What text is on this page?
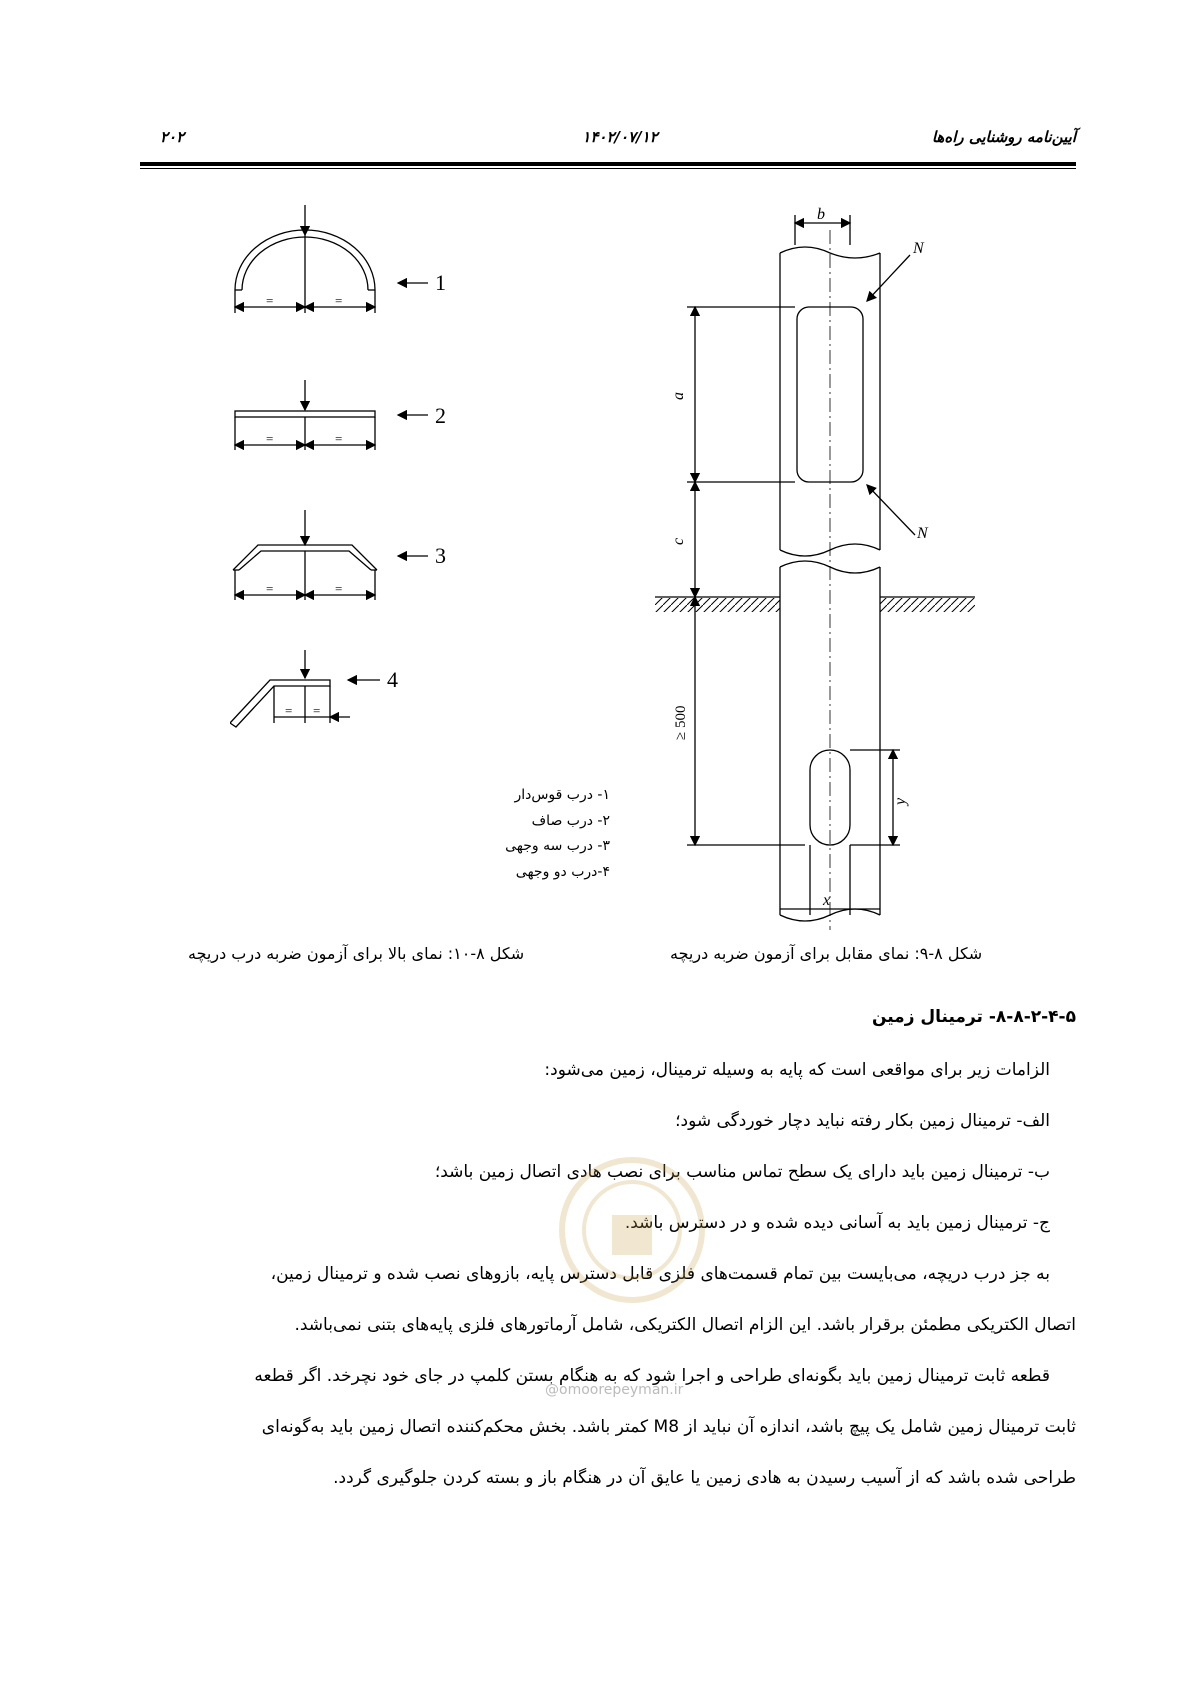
۲۰۲	۱۴۰۲/۰۷/۱۲	آیین‌نامه روشنایی راه‌ها
1
2
3
4
=	=
=	=
=	=
= =
۱- درب قوس‌دار
۲- درب صاف
۳- درب سه وجهی
۴-درب دو وجهی
b
N
N
a
c
y
x
≥ 500
شکل ۸-۱۰: نمای بالا برای آزمون ضربه درب دریچه	شکل ۸-۹: نمای مقابل برای آزمون ضربه دریچه
۸-۸-۲-۴-۵- ترمینال زمین
الزامات زیر برای مواقعی است که پایه به وسیله ترمینال، زمین می‌شود:
الف- ترمینال زمین بکار رفته نباید دچار خوردگی شود؛
ب- ترمینال زمین باید دارای یک سطح تماس مناسب برای نصب هادی اتصال زمین باشد؛
ج- ترمینال زمین باید به آسانی دیده شده و در دسترس باشد.
به جز درب دریچه، می‌بایست بین تمام قسمت‌های فلزی قابل دسترس پایه، بازوهای نصب شده و ترمینال زمین،
اتصال الکتریکی مطمئن برقرار باشد. این الزام اتصال الکتریکی، شامل آرماتورهای فلزی پایه‌های بتنی نمی‌باشد.
قطعه ثابت ترمینال زمین باید بگونه‌ای طراحی و اجرا شود که به هنگام بستن کلمپ در جای خود نچرخد. اگر قطعه
ثابت ترمینال زمین شامل یک پیچ باشد، اندازه آن نباید از M8 کمتر باشد. بخش محکم‌کننده اتصال زمین باید به‌گونه‌ای
طراحی شده باشد که از آسیب رسیدن به هادی زمین یا عایق آن در هنگام باز و بسته کردن جلوگیری گردد.
@omoorepeyman.ir
